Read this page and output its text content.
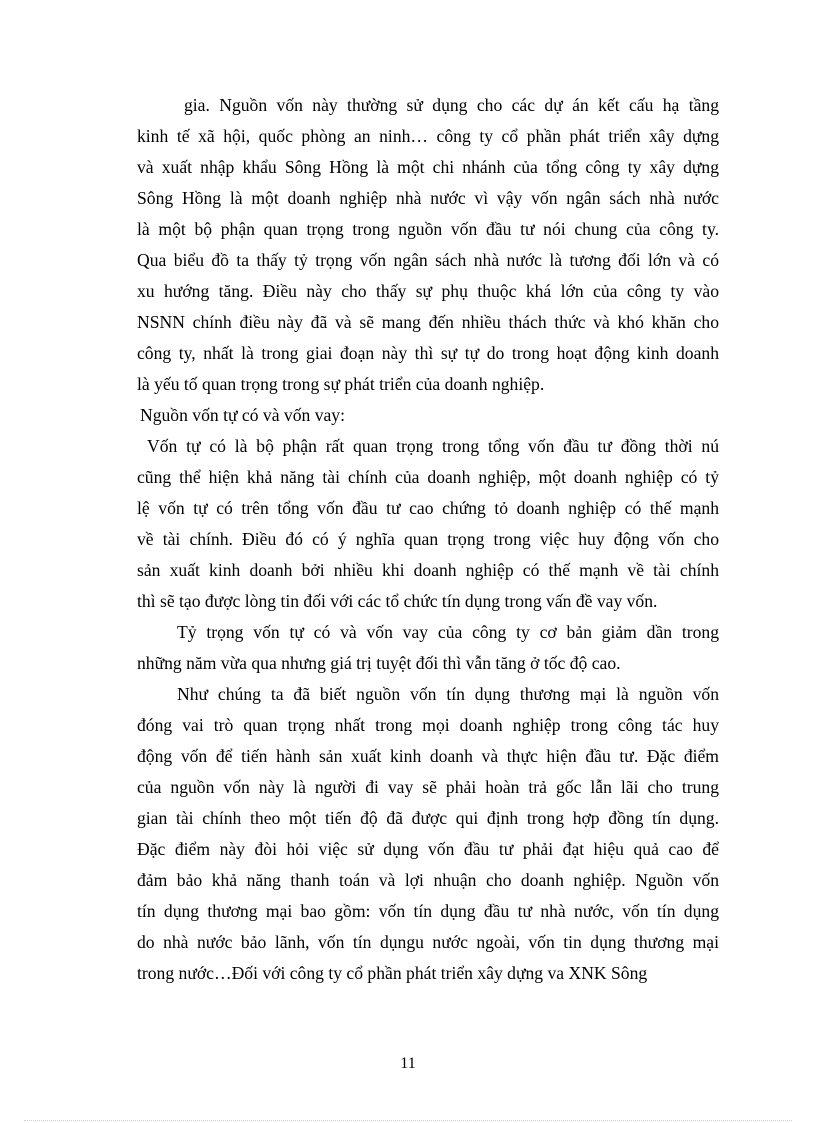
gia. Nguồn vốn này thường sử dụng cho các dự án kết cấu hạ tầng
kinh tế xã hội, quốc phòng an ninh… công ty cổ phần phát triển xây dựng
và xuất nhập khẩu Sông Hồng là một chi nhánh của tổng công ty xây dựng
Sông Hồng là một doanh nghiệp nhà nước vì vậy vốn ngân sách nhà nước
là một bộ phận quan trọng trong nguồn vốn đầu tư nói chung của công ty.
Qua biểu đồ ta thấy tỷ trọng vốn ngân sách nhà nước là tương đối lớn và có
xu hướng tăng. Điều này cho thấy sự phụ thuộc khá lớn của công ty vào
NSNN chính điều này đã và sẽ mang đến nhiều thách thức và khó khăn cho
công ty, nhất là trong giai đoạn này thì sự tự do trong hoạt động kinh doanh
là yếu tố quan trọng trong sự phát triển của doanh nghiệp.
Nguồn vốn tự có và vốn vay:
Vốn tự có là bộ phận rất quan trọng trong tổng vốn đầu tư đồng thời nú
cũng thể hiện khả năng tài chính của doanh nghiệp, một doanh nghiệp có tỷ
lệ vốn tự có trên tổng vốn đầu tư cao chứng tỏ doanh nghiệp có thế mạnh
về tài chính. Điều đó có ý nghĩa quan trọng trong việc huy động vốn cho
sản xuất kinh doanh bởi nhiều khi doanh nghiệp có thế mạnh về tài chính
thì sẽ tạo được lòng tin đối với các tổ chức tín dụng trong vấn đề vay vốn.
Tỷ trọng vốn tự có và vốn vay của công ty cơ bản giảm dần trong
những năm vừa qua nhưng giá trị tuyệt đối thì vẫn tăng ở tốc độ cao.
Như chúng ta đã biết nguồn vốn tín dụng thương mại là nguồn vốn
đóng vai trò quan trọng nhất trong mọi doanh nghiệp trong công tác huy
động vốn để tiến hành sản xuất kinh doanh và thực hiện đầu tư. Đặc điểm
của nguồn vốn này là người đi vay sẽ phải hoàn trả gốc lẫn lãi cho trung
gian tài chính theo một tiến độ đã được qui định trong hợp đồng tín dụng.
Đặc điểm này đòi hỏi việc sử dụng vốn đầu tư phải đạt hiệu quả cao để
đảm bảo khả năng thanh toán và lợi nhuận cho doanh nghiệp. Nguồn vốn
tín dụng thương mại bao gồm: vốn tín dụng đầu tư nhà nước, vốn tín dụng
do nhà nước bảo lãnh, vốn tín dụngu nước ngoài, vốn tin dụng thương mại
trong nước…Đối với công ty cổ phần phát triển xây dựng va XNK Sông
11
